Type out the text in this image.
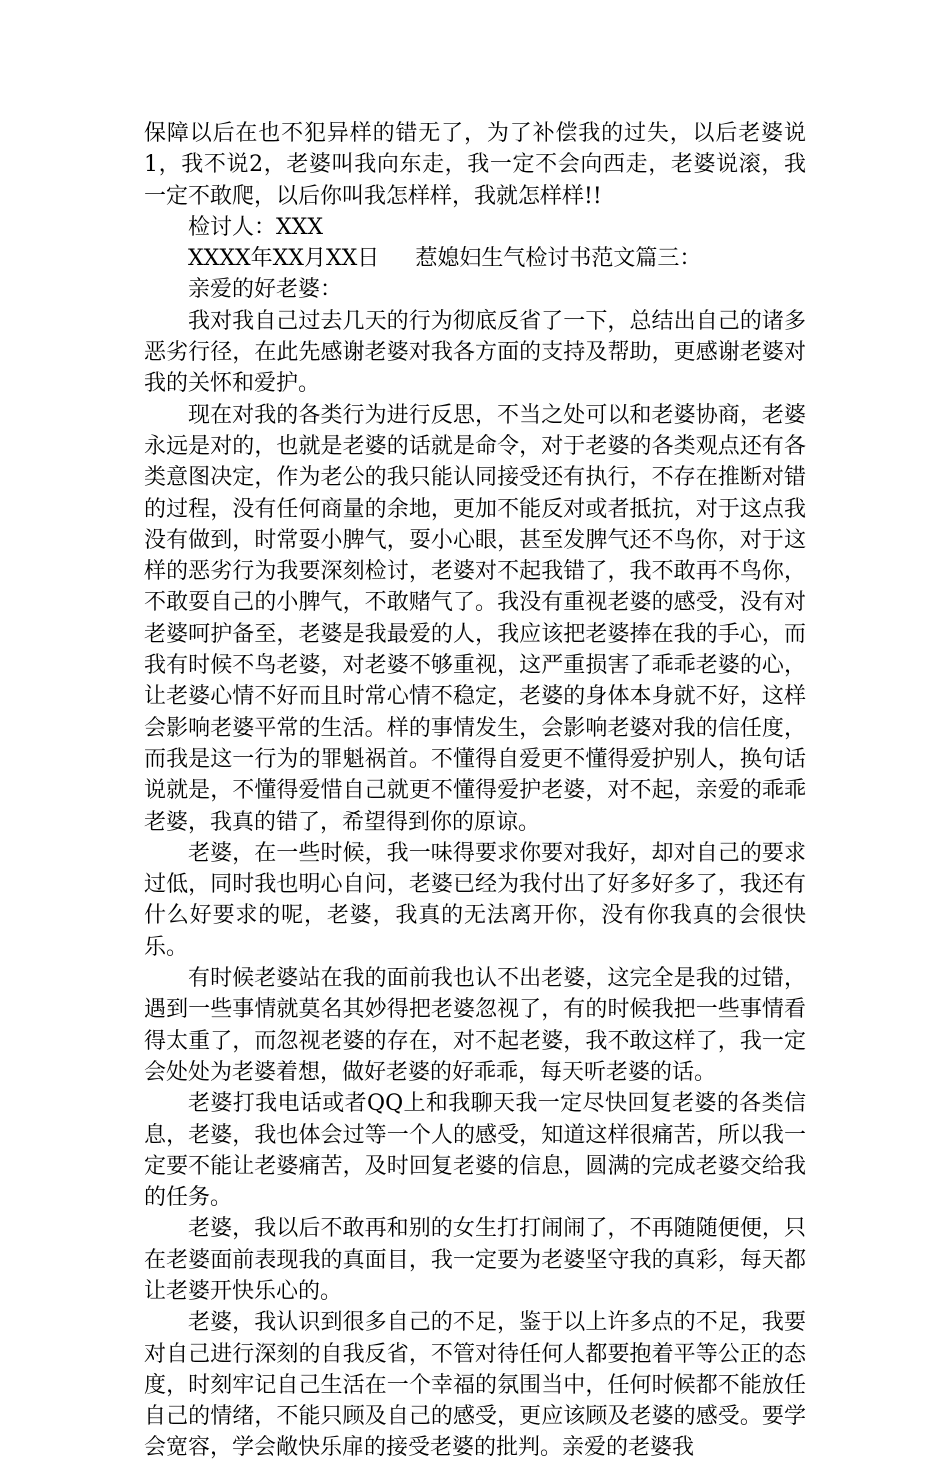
保障以后在也不犯异样的错无了，为了补偿我的过失，以后老婆说1，我不说2，老婆叫我向东走，我一定不会向西走，老婆说滚，我一定不敢爬，以后你叫我怎样样，我就怎样样!!

检讨人：XXX

XXXX年XX月XX日 惹媳妇生气检讨书范文篇三：

亲爱的好老婆：

我对我自己过去几天的行为彻底反省了一下，总结出自己的诸多恶劣行径，在此先感谢老婆对我各方面的支持及帮助，更感谢老婆对我的关怀和爱护。

现在对我的各类行为进行反思，不当之处可以和老婆协商，老婆永远是对的，也就是老婆的话就是命令，对于老婆的各类观点还有各类意图决定，作为老公的我只能认同接受还有执行，不存在推断对错的过程，没有任何商量的余地，更加不能反对或者抵抗，对于这点我没有做到，时常耍小脾气，耍小心眼，甚至发脾气还不鸟你，对于这样的恶劣行为我要深刻检讨，老婆对不起我错了，我不敢再不鸟你，不敢耍自己的小脾气，不敢赌气了。我没有重视老婆的感受，没有对老婆呵护备至，老婆是我最爱的人，我应该把老婆捧在我的手心，而我有时候不鸟老婆，对老婆不够重视，这严重损害了乖乖老婆的心，让老婆心情不好而且时常心情不稳定，老婆的身体本身就不好，这样会影响老婆平常的生活。样的事情发生，会影响老婆对我的信任度，而我是这一行为的罪魁祸首。不懂得自爱更不懂得爱护别人，换句话说就是，不懂得爱惜自己就更不懂得爱护老婆，对不起，亲爱的乖乖老婆，我真的错了，希望得到你的原谅。

老婆，在一些时候，我一味得要求你要对我好，却对自己的要求过低，同时我也明心自问，老婆已经为我付出了好多好多了，我还有什么好要求的呢，老婆，我真的无法离开你，没有你我真的会很快乐。

有时候老婆站在我的面前我也认不出老婆，这完全是我的过错，遇到一些事情就莫名其妙得把老婆忽视了，有的时候我把一些事情看得太重了，而忽视老婆的存在，对不起老婆，我不敢这样了，我一定会处处为老婆着想，做好老婆的好乖乖，每天听老婆的话。

老婆打我电话或者QQ上和我聊天我一定尽快回复老婆的各类信息，老婆，我也体会过等一个人的感受，知道这样很痛苦，所以我一定要不能让老婆痛苦，及时回复老婆的信息，圆满的完成老婆交给我的任务。

老婆，我以后不敢再和别的女生打打闹闹了，不再随随便便，只在老婆面前表现我的真面目，我一定要为老婆坚守我的真彩，每天都让老婆开快乐心的。

老婆，我认识到很多自己的不足，鉴于以上许多点的不足，我要对自己进行深刻的自我反省，不管对待任何人都要抱着平等公正的态度，时刻牢记自己生活在一个幸福的氛围当中，任何时候都不能放任自己的情绪，不能只顾及自己的感受，更应该顾及老婆的感受。要学会宽容，学会敞快乐扉的接受老婆的批判。亲爱的老婆我
